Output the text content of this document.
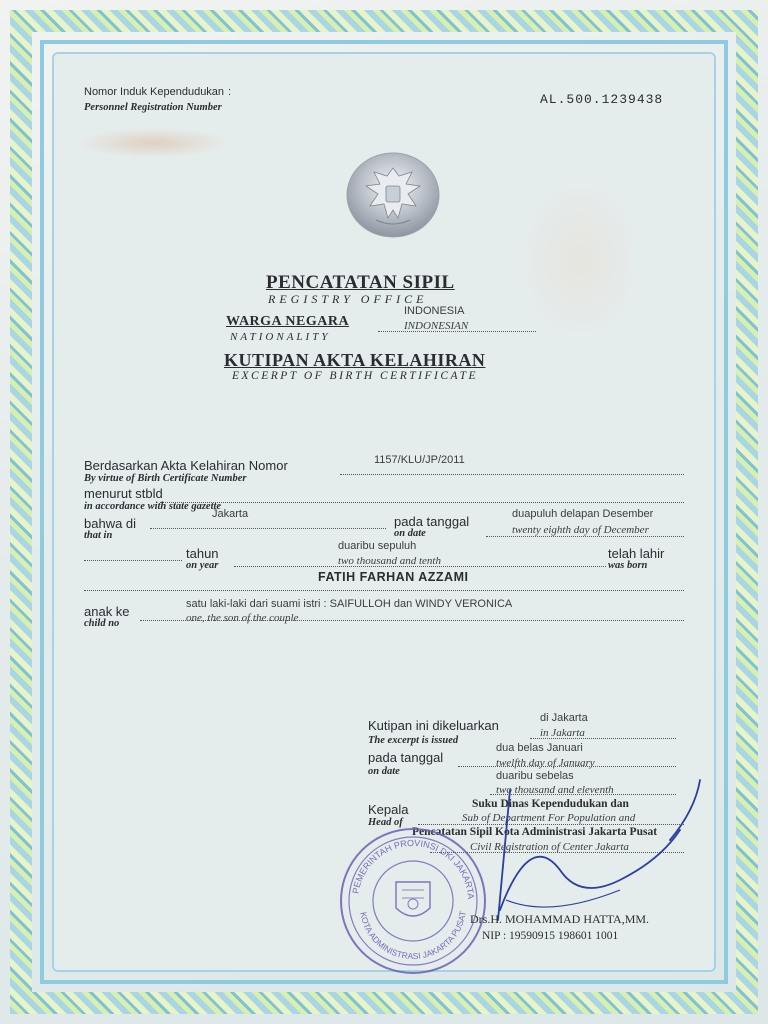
Nomor Induk Kependudukan :
Personnel Registration Number
AL.500.1239438
PENCATATAN SIPIL
REGISTRY OFFICE
WARGA NEGARA
NATIONALITY
INDONESIA
INDONESIAN
KUTIPAN AKTA KELAHIRAN
EXCERPT OF BIRTH CERTIFICATE
Berdasarkan Akta Kelahiran Nomor
By virtue of Birth Certificate Number
1157/KLU/JP/2011
menurut stbld
in accordance with state gazette
bahwa di
that in
Jakarta	pada tanggal
on date
duapuluh delapan Desember
twenty eighth day of December
tahun
on year
duaribu sepuluh
two thousand and tenth	telah lahir
was born
FATIH FARHAN AZZAMI
anak ke
child no
satu laki-laki dari suami istri : SAIFULLOH dan WINDY VERONICA
one, the son of the couple
Kutipan ini dikeluarkan
The excerpt is issued
di Jakarta
in Jakarta
pada tanggal
on date
dua belas Januari
twelfth day of January
duaribu sebelas
two thousand and eleventh
Kepala
Head of
Suku Dinas Kependudukan dan
Sub of Department For Population and
Pencatatan Sipil Kota Administrasi Jakarta Pusat
Civil Registration of Center Jakarta
PEMERINTAH PROVINSI DKI JAKARTA
KOTA ADMINISTRASI JAKARTA PUSAT Drs.H. MOHAMMAD HATTA,MM.
NIP : 19590915 198601 1001
